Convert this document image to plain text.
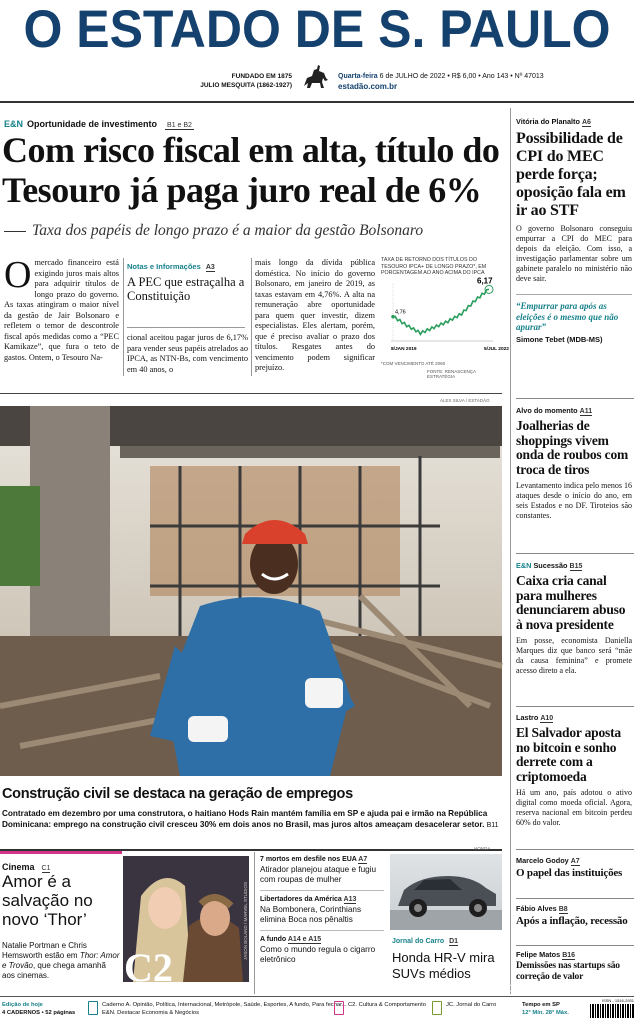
O ESTADO DE S. PAULO
FUNDADO EM 1875
JULIO MESQUITA (1862-1927)
Quarta-feira 6 de JULHO de 2022 • R$ 6,00 • Ano 143 • Nº 47013
estadão.com.br
E&N Oportunidade de investimento B1 e B2
Com risco fiscal em alta, título do
Tesouro já paga juro real de 6%
Taxa dos papéis de longo prazo é a maior da gestão Bolsonaro
Omercado financeiro está exigindo juros mais altos para adquirir títulos de longo prazo do governo. As taxas atingiram o maior nível da gestão de Jair Bolsonaro e refletem o temor de descontrole fiscal após medidas como a “PEC Kamikaze”, que fura o teto de gastos. Ontem, o Tesouro Na-
Notas e Informações A3
A PEC que estraçalha a Constituição
cional aceitou pagar juros de 6,17% para vender seus papéis atrelados ao IPCA, as NTN-Bs, com vencimento em 40 anos, o
mais longo da dívida pública doméstica. No início do governo Bolsonaro, em janeiro de 2019, as taxas estavam em 4,76%. A alta na remuneração abre oportunidade para quem quer investir, dizem especialistas. Eles alertam, porém, que é preciso avaliar o prazo dos títulos. Resgates antes do vencimento podem significar prejuízo.
TAXA DE RETORNO DOS TÍTULOS DO TESOURO IPCA+ DE LONGO PRAZO*, EM PORCENTAGEM AO ANO ACIMA DO IPCA
4,76
6,17
8/JAN 2019	5/JUL 2022
*COM VENCIMENTO ATÉ 2060
FONTE: RENASCENÇA ESTRATÉGIA
ALEX SILVA / ESTADÃO
Construção civil se destaca na geração de empregos
Contratado em dezembro por uma construtora, o haitiano Hods Rain mantém família em SP e ajuda pai e irmão na República Dominicana: emprego na construção civil cresceu 30% em dois anos no Brasil, mas juros altos ameaçam desacelerar setor. B11
Cinema C1
Amor é a salvação no novo ‘Thor’
Natalie Portman e Chris Hemsworth estão em Thor: Amor e Trovão, que chega amanhã aos cinemas.	C2
JASON BOLAND / MARVEL STUDIOS
7 mortos em desfile nos EUA A7
Atirador planejou ataque e fugiu com roupas de mulher
Libertadores da América A13
Na Bombonera, Corinthians elimina Boca nos pênaltis
A fundo A14 e A15
Como o mundo regula o cigarro eletrônico
HONDA
Jornal do Carro D1
Honda HR-V mira SUVs médios
Vitória do Planalto A6
Possibilidade de CPI do MEC perde força; oposição fala em ir ao STF
O governo Bolsonaro conseguiu empurrar a CPI do MEC para depois da eleição. Com isso, a investigação parlamentar sobre um gabinete paralelo no ministério não deve sair.
“Empurrar para após as eleições é o mesmo que não apurar”
Simone Tebet (MDB-MS)
Alvo do momento A11
Joalherias de shoppings vivem onda de roubos com troca de tiros
Levantamento indica pelo menos 16 ataques desde o início do ano, em seis Estados e no DF. Tiroteios são constantes.
E&N Sucessão B15
Caixa cria canal para mulheres denunciarem abuso à nova presidente
Em posse, economista Daniella Marques diz que banco será “mãe da causa feminina” e promete acesso direto a ela.
Lastro A10
El Salvador aposta no bitcoin e sonho derrete com a criptomoeda
Há um ano, país adotou o ativo digital como moeda oficial. Agora, reserva nacional em bitcoin perdeu 60% do valor.
Marcelo Godoy A7
O papel das instituições
Fábio Alves B8
Após a inflação, recessão
Felipe Matos B16
Demissões nas startups são correção de valor
VerCapas.com.br
Edição de hoje
4 CADERNOS • 52 páginas
Caderno A. Opinião, Política, Internacional, Metrópole, Saúde, Esportes, A fundo, Para fechar...
E&N. Destacar Economia & Negócios
C2. Cultura & Comportamento	JC. Jornal do Carro	Tempo em SP
12° Mín. 28° Máx.
ISSN - 1516-2931
